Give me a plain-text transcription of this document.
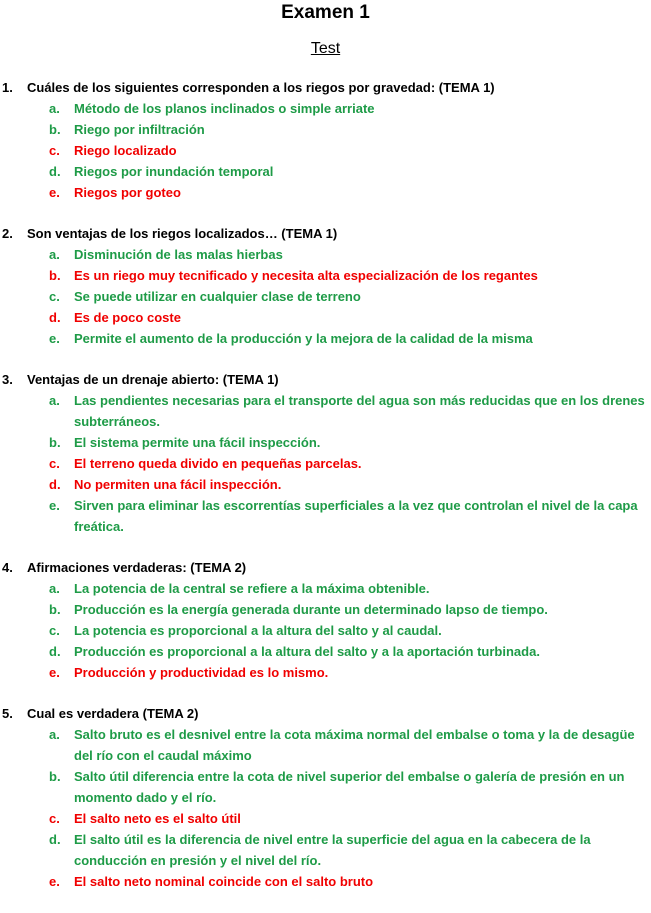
Examen 1
Test
1. Cuáles de los siguientes corresponden a los riegos por gravedad: (TEMA 1)
a. Método de los planos inclinados o simple arriate
b. Riego por infiltración
c. Riego localizado
d. Riegos por inundación temporal
e. Riegos por goteo
2. Son ventajas de los riegos localizados… (TEMA 1)
a. Disminución de las malas hierbas
b. Es un riego muy tecnificado y necesita alta especialización de los regantes
c. Se puede utilizar en cualquier clase de terreno
d. Es de poco coste
e. Permite el aumento de la producción y la mejora de la calidad de la misma
3. Ventajas de un drenaje abierto: (TEMA 1)
a. Las pendientes necesarias para el transporte del agua son más reducidas que en los drenes subterráneos.
b. El sistema permite una fácil inspección.
c. El terreno queda divido en pequeñas parcelas.
d. No permiten una fácil inspección.
e. Sirven para eliminar las escorrentías superficiales a la vez que controlan el nivel de la capa freática.
4. Afirmaciones verdaderas: (TEMA 2)
a. La potencia de la central se refiere a la máxima obtenible.
b. Producción es la energía generada durante un determinado lapso de tiempo.
c. La potencia es proporcional a la altura del salto y al caudal.
d. Producción es proporcional a la altura del salto y a la aportación turbinada.
e. Producción y productividad es lo mismo.
5. Cual es verdadera (TEMA 2)
a. Salto bruto es el desnivel entre la cota máxima normal del embalse o toma y la de desagüe del río con el caudal máximo
b. Salto útil diferencia entre la cota de nivel superior del embalse o galería de presión en un momento dado y el río.
c. El salto neto es el salto útil
d. El salto útil es la diferencia de nivel entre la superficie del agua en la cabecera de la conducción en presión y el nivel del río.
e. El salto neto nominal coincide con el salto bruto
